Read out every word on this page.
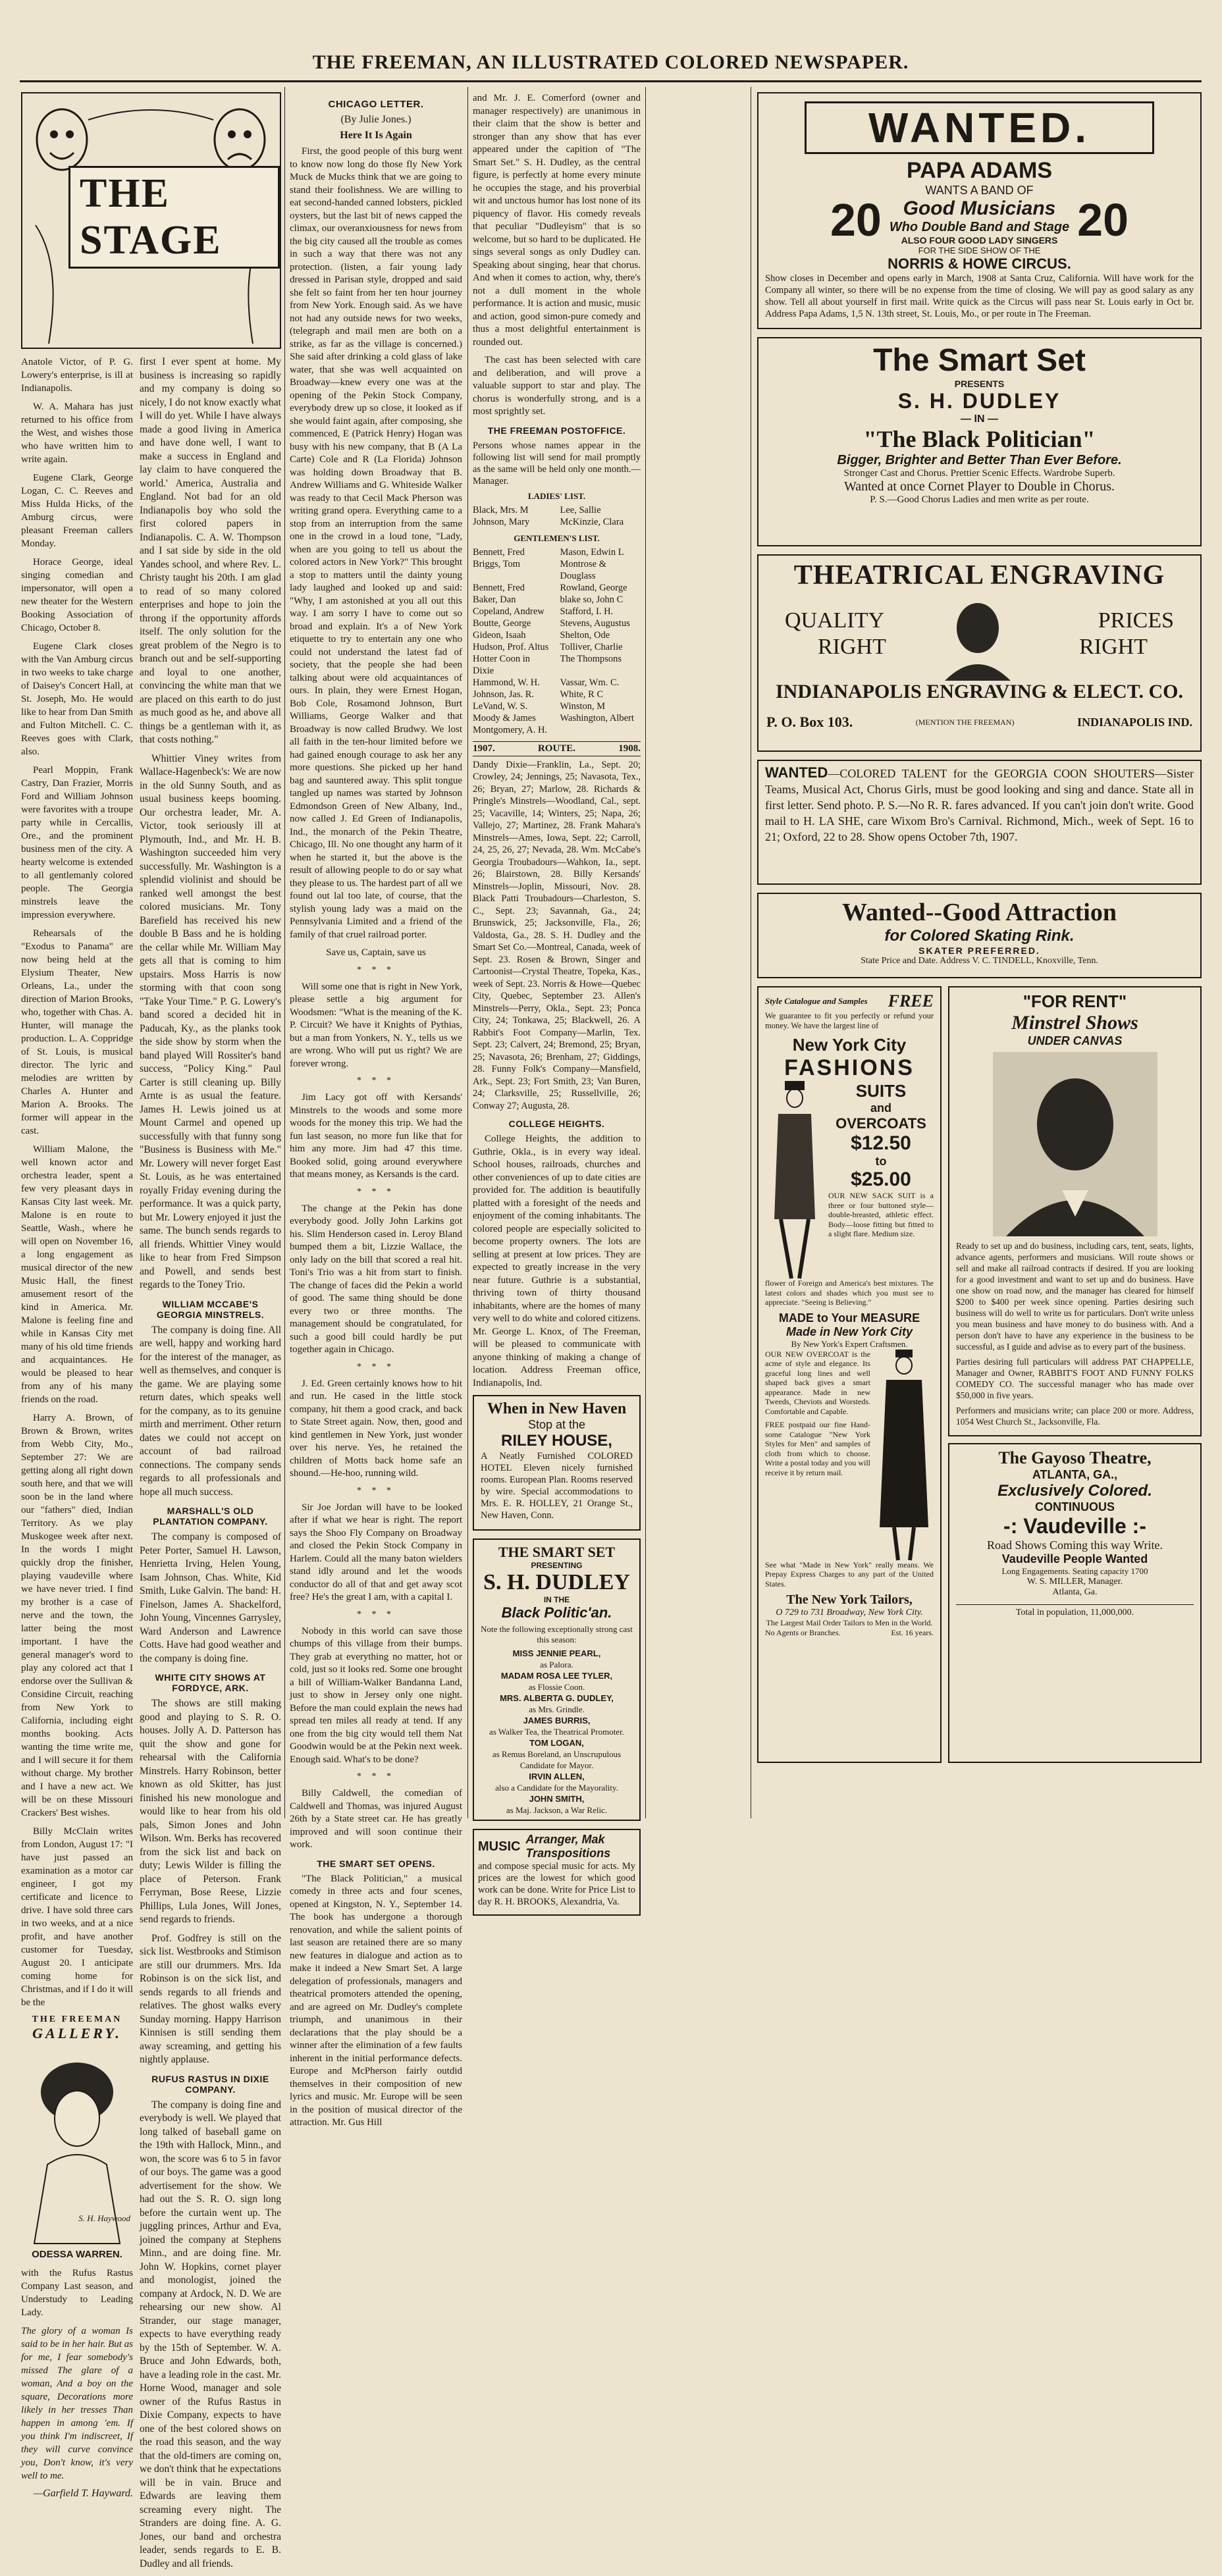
THE FREEMAN, AN ILLUSTRATED COLORED NEWSPAPER.
THE STAGE

Anatole Victor, of P. G. Lowery's enterprise, is ill at Indianapolis.

W. A. Mahara has just returned to his office from the West, and wishes those who have written him to write again.

Eugene Clark, George Logan, C. C. Reeves and Miss Hulda Hicks, of the Amburg circus, were pleasant Freeman callers Monday.

Horace George, ideal singing comedian and impersonator, will open a new theater for the Western Booking Association of Chicago, October 8.

Eugene Clark closes with the Van Amburg circus in two weeks to take charge of Daisey's Concert Hall, at St. Joseph, Mo. He would like to hear from Dan Smith and Fulton Mitchell. C. C. Reeves goes with Clark, also.

Pearl Moppin, Frank Castry, Dan Frazier, Morris Ford and William Johnson were favorites with a troupe party while in Cercallis, Ore., and the prominent business men of the city. A hearty welcome is extended to all gentlemanly colored people. The Georgia minstrels leave the impression everywhere.

Rehearsals of the "Exodus to Panama" are now being held at the Elysium Theater, New Orleans, La., under the direction of Marion Brooks, who, together with Chas. A. Hunter, will manage the production. L. A. Coppridge of St. Louis, is musical director. The lyric and melodies are written by Charles A. Hunter and Marion A. Brooks. The former will appear in the cast.

William Malone, the well known actor and orchestra leader, spent a few very pleasant days in Kansas City last week. Mr. Malone is en route to Seattle, Wash., where he will open on November 16, a long engagement as musical director of the new Music Hall, the finest amusement resort of the kind in America. Mr. Malone is feeling fine and while in Kansas City met many of his old time friends and acquaintances. He would be pleased to hear from any of his many friends on the road.

Harry A. Brown, of Brown & Brown, writes from Webb City, Mo., September 27: We are getting along all right down south here, and that we will soon be in the land where our "fathers" died, Indian Territory. As we play Muskogee week after next. In the words I might quickly drop the finisher, playing vaudeville where we have never tried. I find my brother is a case of nerve and the town, the latter being the most important. I have the general manager's word to play any colored act that I endorse over the Sullivan & Considine Circuit, reaching from New York to California, including eight months booking. Acts wanting the time write me, and I will secure it for them without charge. My brother and I have a new act. We will be on these Missouri Crackers' Best wishes.

Billy McClain writes from London, August 17: "I have just passed an examination as a motor car engineer, I got my certificate and licence to drive. I have sold three cars in two weeks, and at a nice profit, and have another customer for Tuesday, August 20. I anticipate coming home for Christmas, and if I do it will be the

THE FREEMAN
GALLERY.
S. H. Haywood
ODESSA WARREN.

with the Rufus Rastus Company Last season, and Understudy to Leading Lady.

The glory of a woman Is said to be in her hair. But as for me, I fear somebody's missed The glare of a woman, And a boy on the square, Decorations more likely in her tresses Than happen in among 'em. If you think I'm indiscreet, If they will curve convince you, Don't know, it's very well to me.

—Garfield T. Hayward.

first I ever spent at home. My business is increasing so rapidly and my company is doing so nicely, I do not know exactly what I will do yet. While I have always made a good living in America and have done well, I want to make a success in England and lay claim to have conquered the world.' America, Australia and England. Not bad for an old Indianapolis boy who sold the first colored papers in Indianapolis. C. A. W. Thompson and I sat side by side in the old Yandes school, and where Rev. L. Christy taught his 20th. I am glad to read of so many colored enterprises and hope to join the throng if the opportunity affords itself. The only solution for the great problem of the Negro is to branch out and be self-supporting and loyal to one another, convincing the white man that we are placed on this earth to do just as much good as he, and above all things be a gentleman with it, as that costs nothing."

Whittier Viney writes from Wallace-Hagenbeck's: We are now in the old Sunny South, and as usual business keeps booming. Our orchestra leader, Mr. A. Victor, took seriously ill at Plymouth, Ind., and Mr. H. B. Washington succeeded him very successfully. Mr. Washington is a splendid violinist and should be ranked well amongst the best colored musicians. Mr. Tony Barefield has received his new double B Bass and he is holding the cellar while Mr. William May gets all that is coming to him upstairs. Moss Harris is now storming with that coon song "Take Your Time." P. G. Lowery's band scored a decided hit in Paducah, Ky., as the planks took the side show by storm when the band played Will Rossiter's band success, "Policy King." Paul Carter is still cleaning up. Billy Arnte is as usual the feature. James H. Lewis joined us at Mount Carmel and opened up successfully with that funny song "Business is Business with Me." Mr. Lowery will never forget East St. Louis, as he was entertained royally Friday evening during the performance. It was a quick party, but Mr. Lowery enjoyed it just the same. The bunch sends regards to all friends. Whittier Viney would like to hear from Fred Simpson and Powell, and sends best regards to the Toney Trio.

WILLIAM MCCABE'S GEORGIA MINSTRELS.

The company is doing fine. All are well, happy and working hard for the interest of the manager, as well as themselves, and conquer is the game. We are playing some return dates, which speaks well for the company, as to its genuine mirth and merriment. Other return dates we could not accept on account of bad railroad connections. The company sends regards to all professionals and hope all much success.

MARSHALL'S OLD PLANTATION COMPANY.

The company is composed of Peter Porter, Samuel H. Lawson, Henrietta Irving, Helen Young, Isam Johnson, Chas. White, Kid Smith, Luke Galvin. The band: H. Finelson, James A. Shackelford, John Young, Vincennes Garrysley, Ward Anderson and Lawrence Cotts. Have had good weather and the company is doing fine.

WHITE CITY SHOWS AT FORDYCE, ARK.

The shows are still making good and playing to S. R. O. houses. Jolly A. D. Patterson has quit the show and gone for rehearsal with the California Minstrels. Harry Robinson, better known as old Skitter, has just finished his new monologue and would like to hear from his old pals, Simon Jones and John Wilson. Wm. Berks has recovered from the sick list and back on duty; Lewis Wilder is filling the place of Peterson. Frank Ferryman, Bose Reese, Lizzie Phillips, Lula Jones, Will Jones, send regards to friends.

Prof. Godfrey is still on the sick list. Westbrooks and Stimison are still our drummers. Mrs. Ida Robinson is on the sick list, and sends regards to all friends and relatives. The ghost walks every Sunday morning. Happy Harrison Kinnisen is still sending them away screaming, and getting his nightly applause.

RUFUS RASTUS IN DIXIE COMPANY.

The company is doing fine and everybody is well. We played that long talked of baseball game on the 19th with Hallock, Minn., and won, the score was 6 to 5 in favor of our boys. The game was a good advertisement for the show. We had out the S. R. O. sign long before the curtain went up. The juggling princes, Arthur and Eva, joined the company at Stephens Minn., and are doing fine. Mr. John W. Hopkins, cornet player and monologist, joined the company at Ardock, N. D. We are rehearsing our new show. Al Strander, our stage manager, expects to have everything ready by the 15th of September. W. A. Bruce and John Edwards, both, have a leading role in the cast. Mr. Horne Wood, manager and sole owner of the Rufus Rastus in Dixie Company, expects to have one of the best colored shows on the road this season, and the way that the old-timers are coming on, we don't think that he expectations will be in vain. Bruce and Edwards are leaving them screaming every night. The Stranders are doing fine. A. G. Jones, our band and orchestra leader, sends regards to E. B. Dudley and all friends.

CHICAGO LETTER.
(By Julie Jones.)
Here It Is Again

First, the good people of this burg went to know now long do those fly New York Muck de Mucks think that we are going to stand their foolishness. We are willing to eat second-handed canned lobsters, pickled oysters, but the last bit of news capped the climax, our overanxiousness for news from the big city caused all the trouble as comes in such a way that there was not any protection. (listen, a fair young lady dressed in Parisan style, dropped and said she felt so faint from her ten hour journey from New York. Enough said. As we have not had any outside news for two weeks, (telegraph and mail men are both on a strike, as far as the village is concerned.) She said after drinking a cold glass of lake water, that she was well acquainted on Broadway—knew every one was at the opening of the Pekin Stock Company, everybody drew up so close, it looked as if she would faint again, after composing, she commenced, E (Patrick Henry) Hogan was busy with his new company, that B (A La Carte) Cole and R (La Florida) Johnson was holding down Broadway that B. Andrew Williams and G. Whiteside Walker was ready to that Cecil Mack Pherson was writing grand opera. Everything came to a stop from an interruption from the same one in the crowd in a loud tone, "Lady, when are you going to tell us about the colored actors in New York?" This brought a stop to matters until the dainty young lady laughed and looked up and said: "Why, I am astonished at you all out this way. I am sorry I have to come out so broad and explain. It's a of New York etiquette to try to entertain any one who could not understand the latest fad of society, that the people she had been talking about were old acquaintances of ours. In plain, they were Ernest Hogan, Bob Cole, Rosamond Johnson, Burt Williams, George Walker and that Broadway is now called Brudwy. We lost all faith in the ten-hour limited before we had gained enough courage to ask her any more questions. She picked up her hand bag and sauntered away. This split tongue tangled up names was started by Johnson Edmondson Green of New Albany, Ind., now called J. Ed Green of Indianapolis, Ind., the monarch of the Pekin Theatre, Chicago, Ill. No one thought any harm of it when he started it, but the above is the result of allowing people to do or say what they please to us. The hardest part of all we found out lal too late, of course, that the stylish young lady was a maid on the Pennsylvania Limited and a friend of the family of that cruel railroad porter.

Save us, Captain, save us

* * *

Will some one that is right in New York, please settle a big argument for Woodsmen: "What is the meaning of the K. P. Circuit? We have it Knights of Pythias, but a man from Yonkers, N. Y., tells us we are wrong. Who will put us right? We are forever wrong.

* * *

Jim Lacy got off with Kersands' Minstrels to the woods and some more woods for the money this trip. We had the fun last season, no more fun like that for him any more. Jim had 47 this time. Booked solid, going around everywhere that means money, as Kersands is the card.

* * *

The change at the Pekin has done everybody good. Jolly John Larkins got his. Slim Henderson cased in. Leroy Bland bumped them a bit, Lizzie Wallace, the only lady on the bill that scored a real hit. Toni's Trio was a hit from start to finish. The change of faces did the Pekin a world of good. The same thing should be done every two or three months. The management should be congratulated, for such a good bill could hardly be put together again in Chicago.

* * *

J. Ed. Green certainly knows how to hit and run. He cased in the little stock company, hit them a good crack, and back to State Street again. Now, then, good and kind gentlemen in New York, just wonder over his nerve. Yes, he retained the children of Motts back home safe an shound.—He-hoo, running wild.

* * *

Sir Joe Jordan will have to be looked after if what we hear is right. The report says the Shoo Fly Company on Broadway and closed the Pekin Stock Company in Harlem. Could all the many baton wielders stand idly around and let the woods conductor do all of that and get away scot free? He's the great I am, with a capital I.

* * *

Nobody in this world can save those chumps of this village from their bumps. They grab at everything no matter, hot or cold, just so it looks red. Some one brought a bill of William-Walker Bandanna Land, just to show in Jersey only one night. Before the man could explain the news had spread ten miles all ready at tend. If any one from the big city would tell them Nat Goodwin would be at the Pekin next week. Enough said. What's to be done?

* * *

Billy Caldwell, the comedian of Caldwell and Thomas, was injured August 26th by a State street car. He has greatly improved and will soon continue their work.

THE SMART SET OPENS.

"The Black Politician," a musical comedy in three acts and four scenes, opened at Kingston, N. Y., September 14. The book has undergone a thorough renovation, and while the salient points of last season are retained there are so many new features in dialogue and action as to make it indeed a New Smart Set. A large delegation of professionals, managers and theatrical promoters attended the opening, and are agreed on Mr. Dudley's complete triumph, and unanimous in their declarations that the play should be a winner after the elimination of a few faults inherent in the initial performance defects. Europe and McPherson fairly outdid themselves in their composition of new lyrics and music. Mr. Europe will be seen in the position of musical director of the attraction. Mr. Gus Hill

and Mr. J. E. Comerford (owner and manager respectively) are unanimous in their claim that the show is better and stronger than any show that has ever appeared under the capition of "The Smart Set." S. H. Dudley, as the central figure, is perfectly at home every minute he occupies the stage, and his proverbial wit and unctous humor has lost none of its piquency of flavor. His comedy reveals that peculiar "Dudleyism" that is so welcome, but so hard to be duplicated. He sings several songs as only Dudley can. Speaking about singing, hear that chorus. And when it comes to action, why, there's not a dull moment in the whole performance. It is action and music, music and action, good simon-pure comedy and thus a most delightful entertainment is rounded out.

The cast has been selected with care and deliberation, and will prove a valuable support to star and play. The chorus is wonderfully strong, and is a most sprightly set.

THE FREEMAN POSTOFFICE.

Persons whose names appear in the following list will send for mail promptly as the same will be held only one month.—Manager.

LADIES' LIST.
Black, Mrs. M	Lee, Sallie
Johnson, Mary	McKinzie, Clara
GENTLEMEN'S LIST.
Bennett, Fred	Mason, Edwin L
Briggs, Tom	Montrose & Douglass
Bennett, Fred	Rowland, George
Baker, Dan	blake so, John C
Copeland, Andrew	Stafford, I. H.
Boutte, George	Stevens, Augustus
Gideon, Isaah	Shelton, Ode
Hudson, Prof. Altus	Tolliver, Charlie
Hotter Coon in Dixie
The Thompsons
Hammond, W. H.	Vassar, Wm. C.
Johnson, Jas. R.	White, R C
LeVand, W. S.	Winston, M
Moody & James	Washington, Albert
Montgomery, A. H.
1907.	ROUTE.	1908.

Dandy Dixie—Franklin, La., Sept. 20; Crowley, 24; Jennings, 25; Navasota, Tex., 26; Bryan, 27; Marlow, 28. Richards & Pringle's Minstrels—Woodland, Cal., sept. 25; Vacaville, 14; Winters, 25; Napa, 26; Vallejo, 27; Martinez, 28. Frank Mahara's Minstrels—Ames, Iowa, Sept. 22; Carroll, 24, 25, 26, 27; Nevada, 28. Wm. McCabe's Georgia Troubadours—Wahkon, Ia., sept. 26; Blairstown, 28. Billy Kersands' Minstrels—Joplin, Missouri, Nov. 28. Black Patti Troubadours—Charleston, S. C., Sept. 23; Savannah, Ga., 24; Brunswick, 25; Jacksonville, Fla., 26; Valdosta, Ga., 28. S. H. Dudley and the Smart Set Co.—Montreal, Canada, week of Sept. 23. Rosen & Brown, Singer and Cartoonist—Crystal Theatre, Topeka, Kas., week of Sept. 23. Norris & Howe—Quebec City, Quebec, September 23. Allen's Minstrels—Perry, Okla., Sept. 23; Ponca City, 24; Tonkawa, 25; Blackwell, 26. A Rabbit's Foot Company—Marlin, Tex. Sept. 23; Calvert, 24; Bremond, 25; Bryan, 25; Navasota, 26; Brenham, 27; Giddings, 28. Funny Folk's Company—Mansfield, Ark., Sept. 23; Fort Smith, 23; Van Buren, 24; Clarksville, 25; Russellville, 26; Conway 27; Augusta, 28.

COLLEGE HEIGHTS.

College Heights, the addition to Guthrie, Okla., is in every way ideal. School houses, railroads, churches and other conveniences of up to date cities are provided for. The addition is beautifully platted with a foresight of the needs and enjoyment of the coming inhabitants. The colored people are especially solicited to become property owners. The lots are selling at present at low prices. They are expected to greatly increase in the very near future. Guthrie is a substantial, thriving town of thirty thousand inhabitants, where are the homes of many very well to do white and colored citizens. Mr. George L. Knox, of The Freeman, will be pleased to communicate with anyone thinking of making a change of location. Address Freeman office, Indianapolis, Ind.

When in New Haven
Stop at the
RILEY HOUSE,

A Neatly Furnished COLORED HOTEL Eleven nicely furnished rooms. European Plan. Rooms reserved by wire. Special accommodations to Mrs. E. R. HOLLEY, 21 Orange St., New Haven, Conn.

THE SMART SET
PRESENTING
S. H. DUDLEY
IN THE
Black Politic'an.
Note the following exceptionally strong cast this season:
MISS JENNIE PEARL,
as Palora.
MADAM ROSA LEE TYLER,
as Flossie Coon.
MRS. ALBERTA G. DUDLEY,
as Mrs. Grindle.
JAMES BURRIS,
as Walker Tea, the Theatrical Promoter.
TOM LOGAN,
as Remus Boreland, an Unscrupulous Candidate for Mayor.
IRVIN ALLEN,
also a Candidate for the Mayorality.
JOHN SMITH,
as Maj. Jackson, a War Relic.
MUSIC Arranger, Mak Transpositions

and compose special music for acts. My prices are the lowest for which good work can be done. Write for Price List to day R. H. BROOKS, Alexandria, Va.

WANTED.
PAPA ADAMS
20
WANTS A BAND OF
Good Musicians
Who Double Band and Stage
ALSO FOUR GOOD LADY SINGERS
FOR THE SIDE SHOW OF THE
20
NORRIS & HOWE CIRCUS.

Show closes in December and opens early in March, 1908 at Santa Cruz, California. Will have work for the Company all winter, so there will be no expense from the time of closing. We will pay as good salary as any show. Tell all about yourself in first mail. Write quick as the Circus will pass near St. Louis early in Oct br. Address Papa Adams, 1,5 N. 13th street, St. Louis, Mo., or per route in The Freeman.

The Smart Set
PRESENTS
S. H. DUDLEY
— IN —
"The Black Politician"
Bigger, Brighter and Better Than Ever Before.
Stronger Cast and Chorus. Prettier Scenic Effects. Wardrobe Superb.
Wanted at once Cornet Player to Double in Chorus.
P. S.—Good Chorus Ladies and men write as per route.
THEATRICAL ENGRAVING
QUALITY
RIGHT
PRICES
RIGHT
INDIANAPOLIS ENGRAVING & ELECT. CO.
P. O. Box 103.	(MENTION THE FREEMAN)	INDIANAPOLIS IND.

WANTED—COLORED TALENT for the GEORGIA COON SHOUTERS—Sister Teams, Musical Act, Chorus Girls, must be good looking and sing and dance. State all in first letter. Send photo. P. S.—No R. R. fares advanced. If you can't join don't write. Good mail to H. LA SHE, care Wixom Bro's Carnival. Richmond, Mich., week of Sept. 16 to 21; Oxford, 22 to 28. Show opens October 7th, 1907.

Wanted--Good Attraction
for Colored Skating Rink.
SKATER PREFERRED.
State Price and Date. Address V. C. TINDELL, Knoxville, Tenn.
Style Catalogue and Samples FREE

We guarantee to fit you perfectly or refund your money. We have the largest line of

New York City
FASHIONS
SUITS
and
OVERCOATS
$12.50
to
$25.00

OUR NEW SACK SUIT is a three or four buttoned style—double-breasted, athletic effect. Body—loose fitting but fitted to a slight flare. Medium size.

flower of Foreign and America's best mixtures. The latest colors and shades which you must see to appreciate. "Seeing is Believing."

MADE to Your MEASURE
Made in New York City
By New York's Expert Craftsmen.

OUR NEW OVERCOAT is the acme of style and elegance. Its graceful long lines and well shaped back gives a smart appearance. Made in new Tweeds, Cheviots and Worsteds. Comfortable and Capable.

FREE postpaid our fine Hand-some Catalogue "New York Styles for Men" and samples of cloth from which to choose. Write a postal today and you will receive it by return mail.

See what "Made in New York" really means. We Prepay Express Charges to any part of the United States.

The New York Tailors,
O 729 to 731 Broadway, New York City.
The Largest Mail Order Tailors to Men in the World.
No Agents or Branches.	Est. 16 years.
"FOR RENT"
Minstrel Shows
UNDER CANVAS

Ready to set up and do business, including cars, tent, seats, lights, advance agents, performers and musicians. Will route shows or sell and make all railroad contracts if desired. If you are looking for a good investment and want to set up and do business. Have one show on road now, and the manager has cleared for himself $200 to $400 per week since opening. Parties desiring such business will do well to write us for particulars. Don't write unless you mean business and have money to do business with. And a person don't have to have any experience in the business to be successful, as I guide and advise as to every part of the business.

Parties desiring full particulars will address PAT CHAPPELLE, Manager and Owner, RABBIT'S FOOT AND FUNNY FOLKS COMEDY CO. The successful manager who has made over $50,000 in five years.

Performers and musicians write; can place 200 or more. Address, 1054 West Church St., Jacksonville, Fla.

The Gayoso Theatre,
ATLANTA, GA.,
Exclusively Colored.
CONTINUOUS
-: Vaudeville :-
Road Shows Coming this way Write.
Vaudeville People Wanted
Long Engagements. Seating capacity 1700
W. S. MILLER, Manager.
Atlanta, Ga.
Total in population, 11,000,000.
